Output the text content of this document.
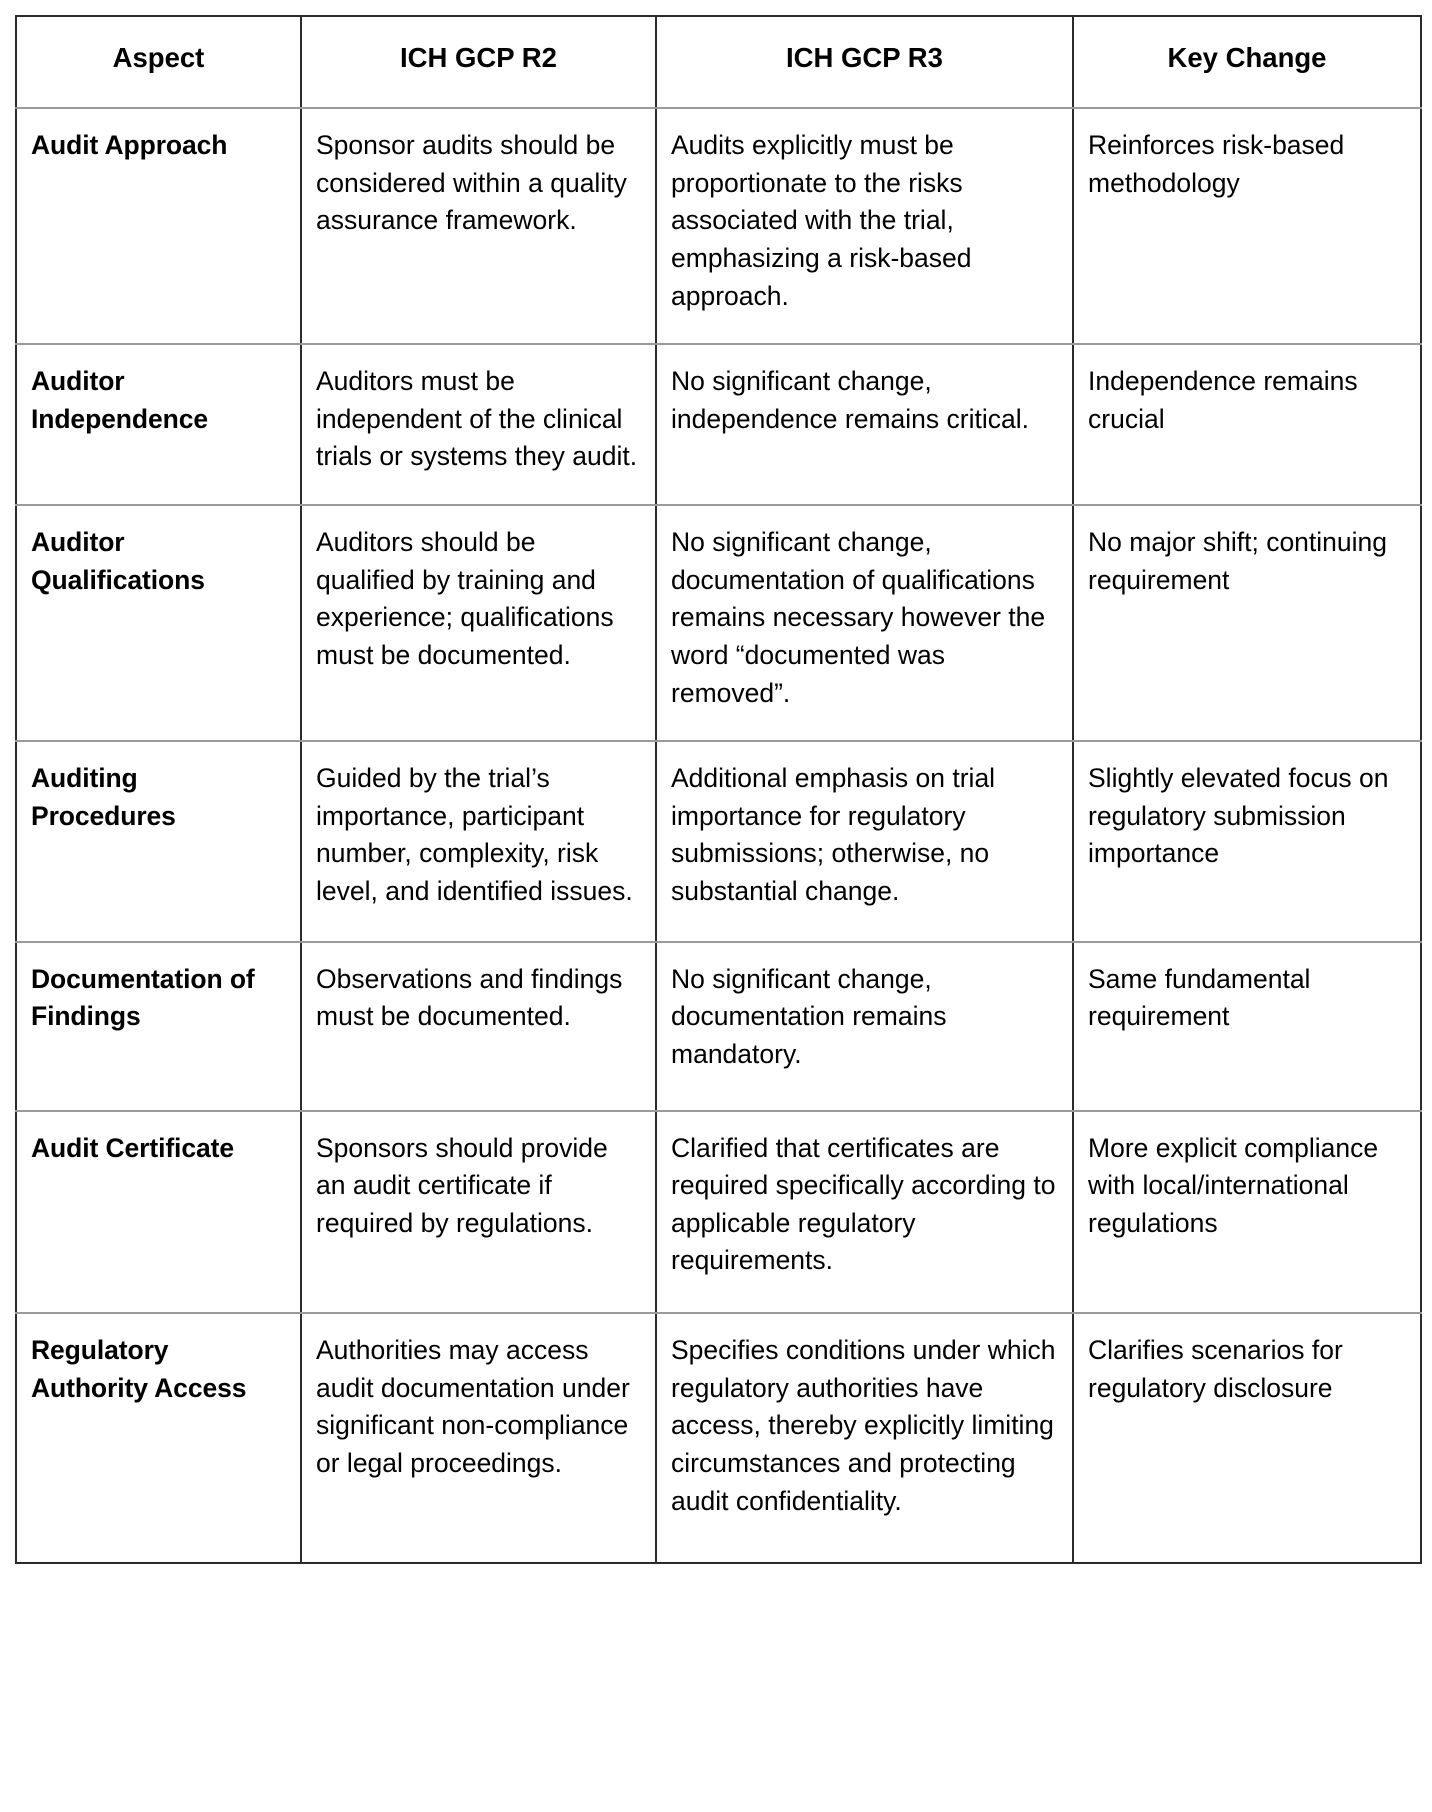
Aspect	ICH GCP R2	ICH GCP R3	Key Change
Audit Approach	Sponsor audits should be considered within a quality assurance framework.	Audits explicitly must be proportionate to the risks associated with the trial, emphasizing a risk-based approach.	Reinforces risk-based methodology
Auditor Independence	Auditors must be independent of the clinical trials or systems they audit.	No significant change, independence remains critical.	Independence remains crucial
Auditor Qualifications	Auditors should be qualified by training and experience; qualifications must be documented.	No significant change, documentation of qualifications remains necessary however the word “documented was removed”.	No major shift; continuing requirement
Auditing Procedures	Guided by the trial’s importance, participant number, complexity, risk level, and identified issues.	Additional emphasis on trial importance for regulatory submissions; otherwise, no substantial change.	Slightly elevated focus on regulatory submission importance
Documentation of Findings	Observations and findings must be documented.	No significant change, documentation remains mandatory.	Same fundamental requirement
Audit Certificate	Sponsors should provide an audit certificate if required by regulations.	Clarified that certificates are required specifically according to applicable regulatory requirements.	More explicit compliance with local/international regulations
Regulatory Authority Access	Authorities may access audit documentation under significant non-compliance or legal proceedings.	Specifies conditions under which regulatory authorities have access, thereby explicitly limiting circumstances and protecting audit confidentiality.	Clarifies scenarios for regulatory disclosure
